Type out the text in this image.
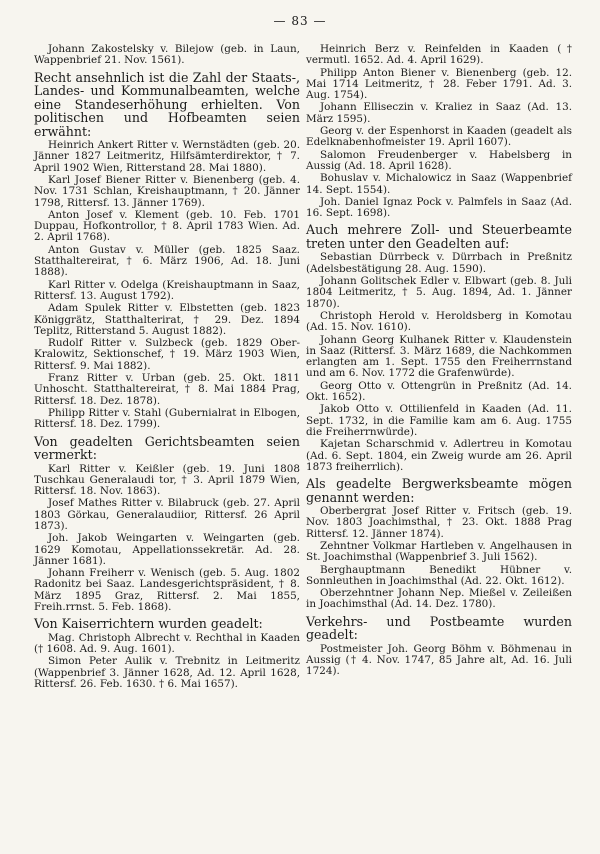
— 83 —

Johann Zakostelsky v. Bilejow (geb. in Laun, Wappenbrief 21. Nov. 1561).

Recht ansehnlich ist die Zahl der Staats-, Landes- und Kommunalbeamten, welche eine Standeserhöhung erhielten. Von politischen und Hofbeamten seien erwähnt:

Heinrich Ankert Ritter v. Wernstädten (geb. 20. Jänner 1827 Leitmeritz, Hilfsämterdirektor, † 7. April 1902 Wien, Ritterstand 28. Mai 1880).

Karl Josef Biener Ritter v. Bienenberg (geb. 4. Nov. 1731 Schlan, Kreishauptmann, † 20. Jänner 1798, Rittersf. 13. Jänner 1769).

Anton Josef v. Klement (geb. 10. Feb. 1701 Duppau, Hofkontrollor, † 8. April 1783 Wien. Ad. 2. April 1768).

Anton Gustav v. Müller (geb. 1825 Saaz. Statthaltereirat, † 6. März 1906, Ad. 18. Juni 1888).

Karl Ritter v. Odelga (Kreishauptmann in Saaz, Rittersf. 13. August 1792).

Adam Spulek Ritter v. Elbstetten (geb. 1823 Königgrätz, Statthalterirat, † 29. Dez. 1894 Teplitz, Ritterstand 5. August 1882).

Rudolf Ritter v. Sulzbeck (geb. 1829 Ober-Kralowitz, Sektionschef, † 19. März 1903 Wien, Rittersf. 9. Mai 1882).

Franz Ritter v. Urban (geb. 25. Okt. 1811 Unhoscht. Statthaltereirat, † 8. Mai 1884 Prag, Rittersf. 18. Dez. 1878).

Philipp Ritter v. Stahl (Gubernialrat in Elbogen, Rittersf. 18. Dez. 1799).

Von geadelten Gerichtsbeamten seien vermerkt:

Karl Ritter v. Keißler (geb. 19. Juni 1808 Tuschkau Generalaudi tor, † 3. April 1879 Wien, Rittersf. 18. Nov. 1863).

Josef Mathes Ritter v. Bilabruck (geb. 27. April 1803 Görkau, Generalaudiior, Rittersf. 26 April 1873).

Joh. Jakob Weingarten v. Weingarten (geb. 1629 Komotau, Appellationssekretär. Ad. 28. Jänner 1681).

Johann Freiherr v. Wenisch (geb. 5. Aug. 1802 Radonitz bei Saaz. Landesgerichtspräsident, † 8. März 1895 Graz, Rittersf. 2. Mai 1855, Freih.rrnst. 5. Feb. 1868).

Von Kaiserrichtern wurden geadelt:

Mag. Christoph Albrecht v. Rechthal in Kaaden († 1608. Ad. 9. Aug. 1601).

Simon Peter Aulik v. Trebnitz in Leitmeritz (Wappenbrief 3. Jänner 1628, Ad. 12. April 1628, Rittersf. 26. Feb. 1630. † 6. Mai 1657).

Heinrich Berz v. Reinfelden in Kaaden († vermutl. 1652. Ad. 4. April 1629).

Philipp Anton Biener v. Bienenberg (geb. 12. Mai 1714 Leitmeritz, † 28. Feber 1791. Ad. 3. Aug. 1754).

Johann Elliseczin v. Kraliez in Saaz (Ad. 13. März 1595).

Georg v. der Espenhorst in Kaaden (geadelt als Edelknabenhofmeister 19. April 1607).

Salomon Freudenberger v. Habelsberg in Aussig (Ad. 18. April 1628).

Bohuslav v. Michalowicz in Saaz (Wappenbrief 14. Sept. 1554).

Joh. Daniel Ignaz Pock v. Palmfels in Saaz (Ad. 16. Sept. 1698).

Auch mehrere Zoll- und Steuerbeamte treten unter den Geadelten auf:

Sebastian Dürrbeck v. Dürrbach in Preßnitz (Adelsbestätigung 28. Aug. 1590).

Johann Golitschek Edler v. Elbwart (geb. 8. Juli 1804 Leitmeritz, † 5. Aug. 1894, Ad. 1. Jänner 1870).

Christoph Herold v. Heroldsberg in Komotau (Ad. 15. Nov. 1610).

Johann Georg Kulhanek Ritter v. Klaudenstein in Saaz (Rittersf. 3. März 1689, die Nachkommen erlangten am 1. Sept. 1755 den Freiherrnstand und am 6. Nov. 1772 die Grafenwürde).

Georg Otto v. Ottengrün in Preßnitz (Ad. 14. Okt. 1652).

Jakob Otto v. Ottilienfeld in Kaaden (Ad. 11. Sept. 1732, in die Familie kam am 6. Aug. 1755 die Freiherrnwürde).

Kajetan Scharschmid v. Adlertreu in Komotau (Ad. 6. Sept. 1804, ein Zweig wurde am 26. April 1873 freiherrlich).

Als geadelte Bergwerksbeamte mögen genannt werden:

Oberbergrat Josef Ritter v. Fritsch (geb. 19. Nov. 1803 Joachimsthal, † 23. Okt. 1888 Prag Rittersf. 12. Jänner 1874).

Zehntner Volkmar Hartleben v. Angelhausen in St. Joachimsthal (Wappenbrief 3. Juli 1562).

Berghauptmann Benedikt Hübner v. Sonnleuthen in Joachimsthal (Ad. 22. Okt. 1612).

Oberzehntner Johann Nep. Mießel v. Zeileißen in Joachimsthal (Ad. 14. Dez. 1780).

Verkehrs- und Postbeamte wurden geadelt:

Postmeister Joh. Georg Böhm v. Böhmenau in Aussig († 4. Nov. 1747, 85 Jahre alt, Ad. 16. Juli 1724).
